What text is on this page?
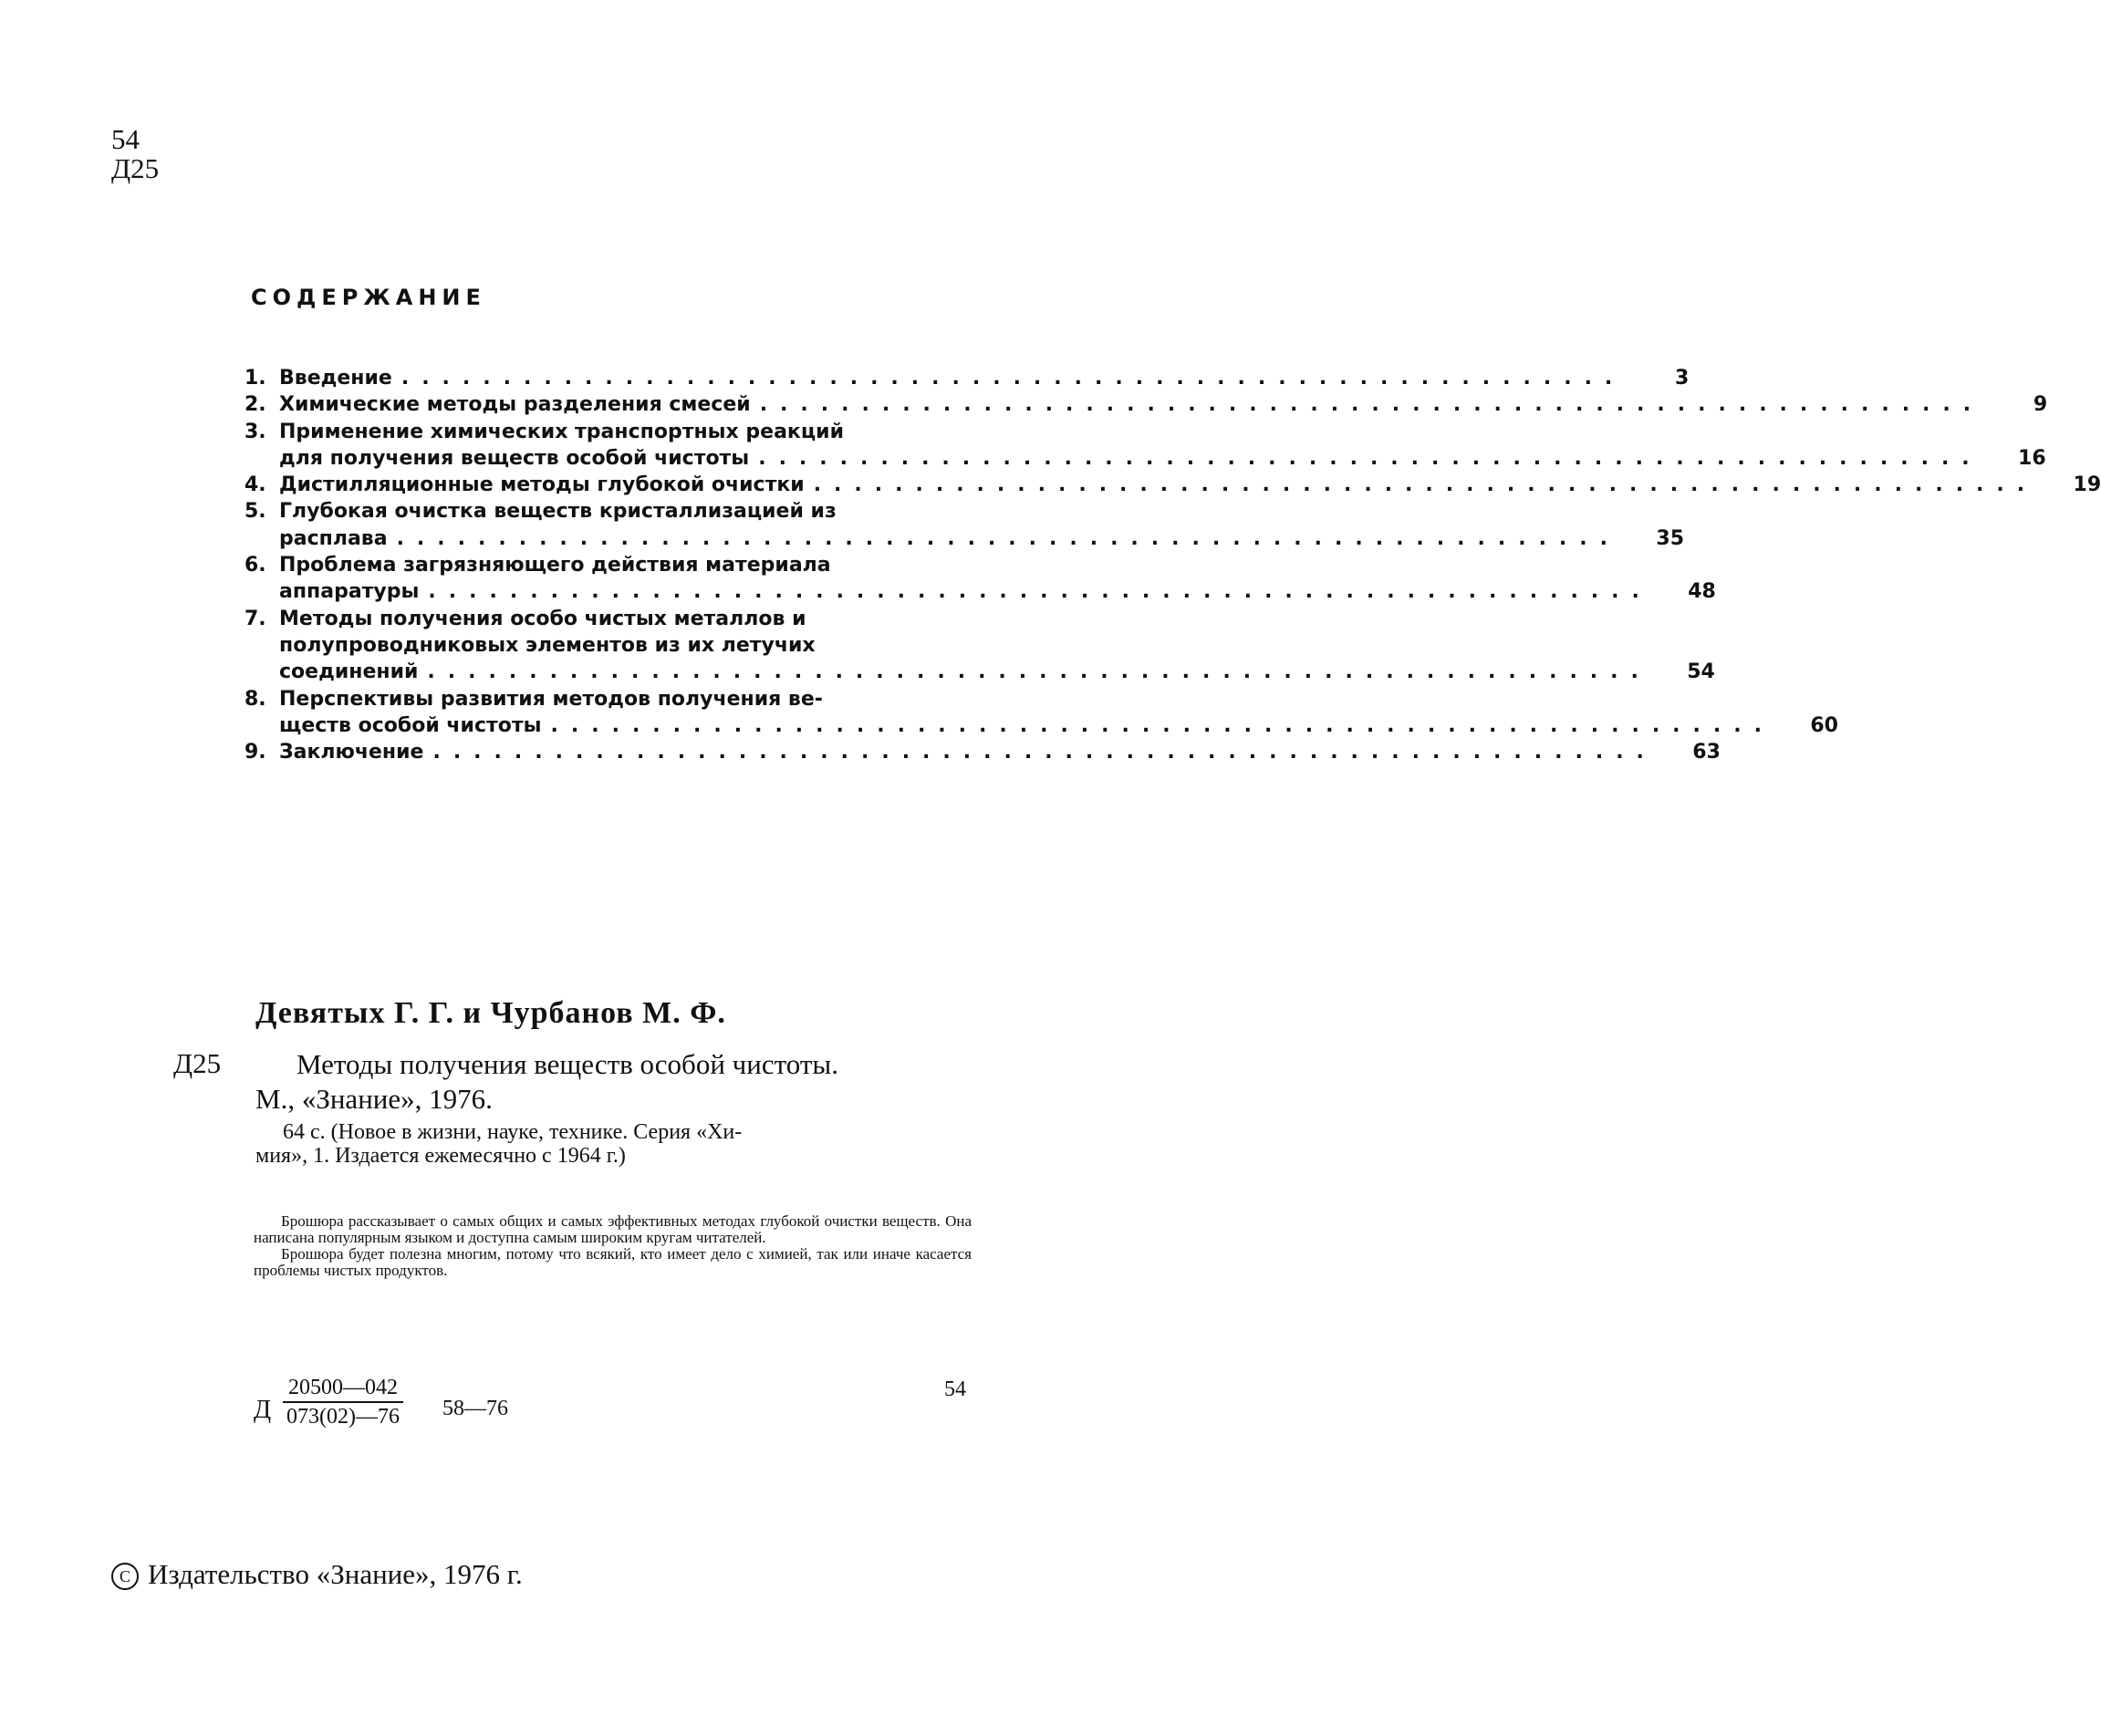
54
Д25
СОДЕРЖАНИЕ
1. Введение ............................................................	3
2. Химические методы разделения смесей ............................................................	9
3. Применение химических транспортных реакций
для получения веществ особой чистоты ............................................................	16
4. Дистилляционные методы глубокой очистки ............................................................	19
5. Глубокая очистка веществ кристаллизацией из
расплава ............................................................	35
6. Проблема загрязняющего действия материала
аппаратуры ............................................................	48
7. Методы получения особо чистых металлов и
полупроводниковых элементов из их летучих
соединений ............................................................	54
8. Перспективы развития методов получения ве-
ществ особой чистоты ............................................................	60
9. Заключение ............................................................	63
Девятых Г. Г. и Чурбанов М. Ф.
Д25	Методы получения веществ особой чистоты.
М., «Знание», 1976.
64 с. (Новое в жизни, науке, технике. Серия «Хи-
мия», 1. Издается ежемесячно с 1964 г.)

Брошюра рассказывает о самых общих и самых эффективных методах глубокой очистки веществ. Она написана популярным языком и доступна самым широким кругам читателей.

Брошюра будет полезна многим, потому что всякий, кто имеет дело с химией, так или иначе касается проблемы чистых продуктов.

Д $\frac{20500—042}{073(02)—76}$ 58—76
54
С Издательство «Знание», 1976 г.
